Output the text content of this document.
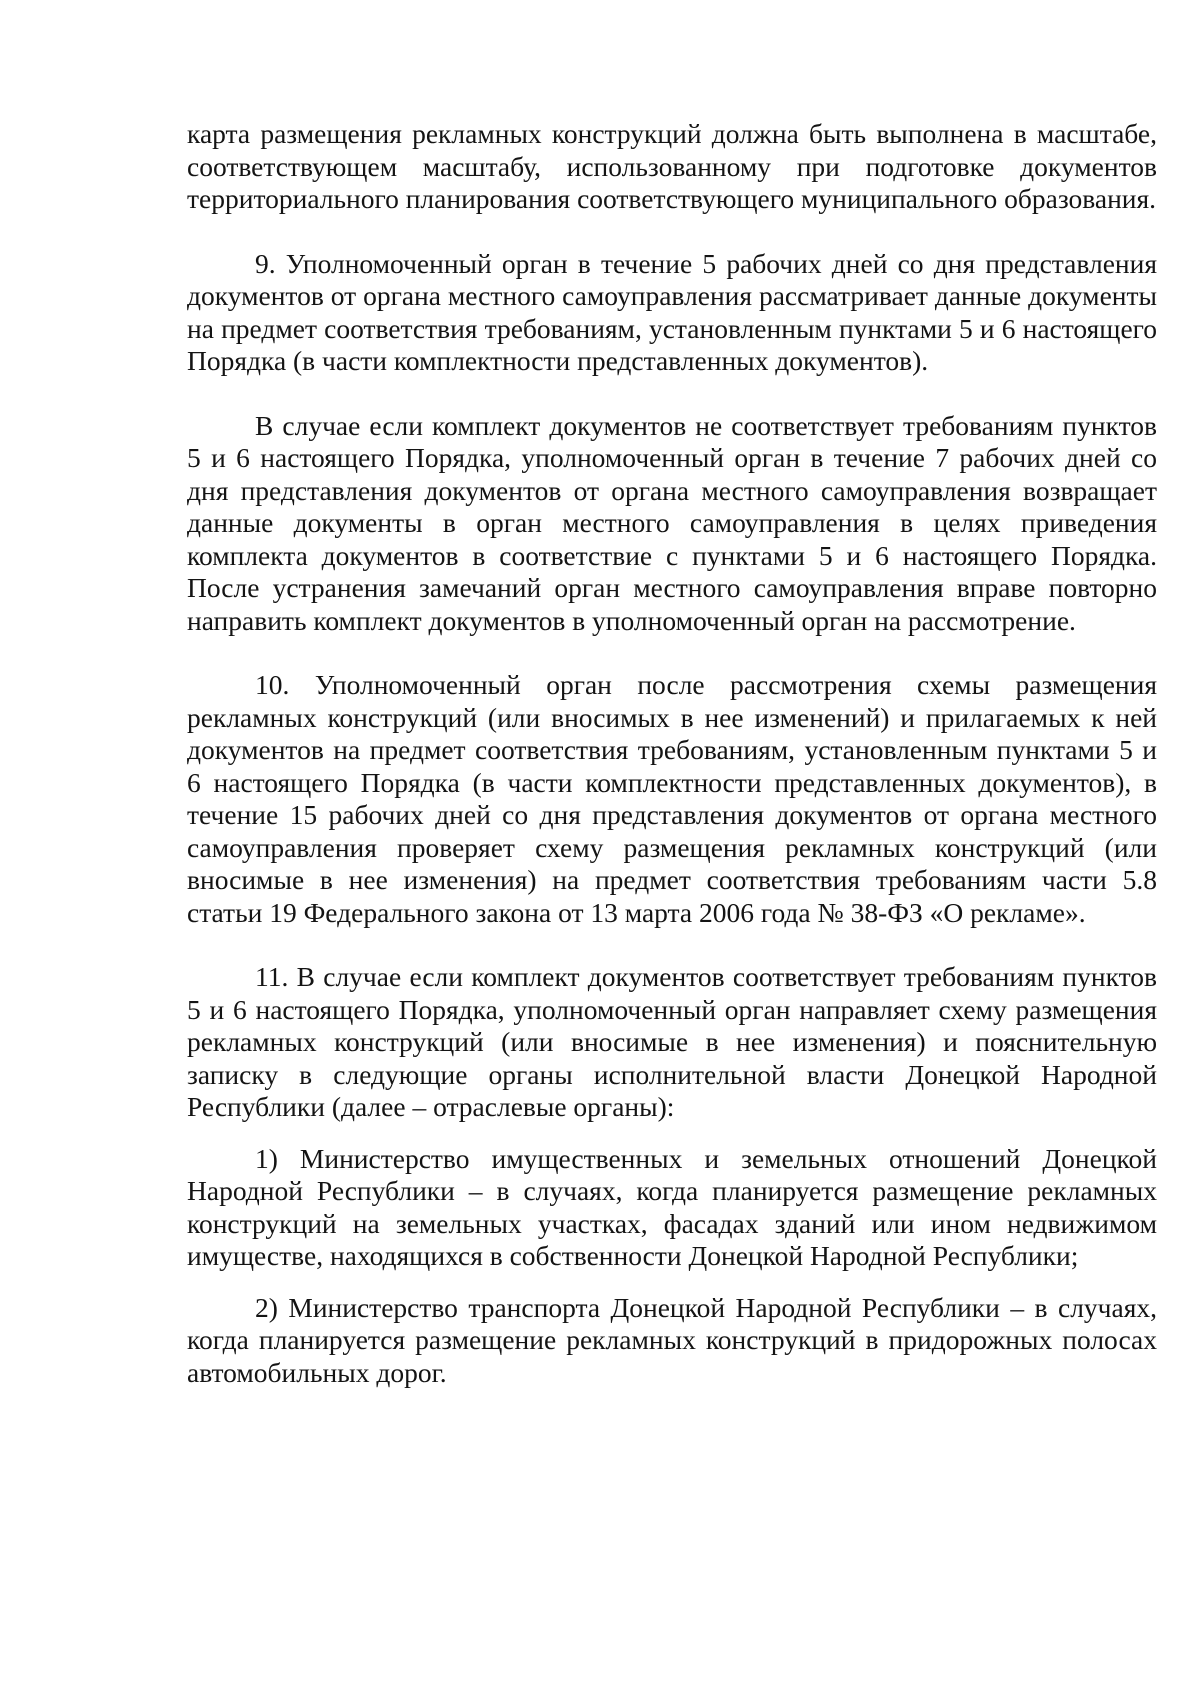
карта размещения рекламных конструкций должна быть выполнена в масштабе, соответствующем масштабу, использованному при подготовке документов территориального планирования соответствующего муниципального образования.

9. Уполномоченный орган в течение 5 рабочих дней со дня представления документов от органа местного самоуправления рассматривает данные документы на предмет соответствия требованиям, установленным пунктами 5 и 6 настоящего Порядка (в части комплектности представленных документов).

В случае если комплект документов не соответствует требованиям пунктов 5 и 6 настоящего Порядка, уполномоченный орган в течение 7 рабочих дней со дня представления документов от органа местного самоуправления возвращает данные документы в орган местного самоуправления в целях приведения комплекта документов в соответствие с пунктами 5 и 6 настоящего Порядка. После устранения замечаний орган местного самоуправления вправе повторно направить комплект документов в уполномоченный орган на рассмотрение.

10. Уполномоченный орган после рассмотрения схемы размещения рекламных конструкций (или вносимых в нее изменений) и прилагаемых к ней документов на предмет соответствия требованиям, установленным пунктами 5 и 6 настоящего Порядка (в части комплектности представленных документов), в течение 15 рабочих дней со дня представления документов от органа местного самоуправления проверяет схему размещения рекламных конструкций (или вносимые в нее изменения) на предмет соответствия требованиям части 5.8 статьи 19 Федерального закона от 13 марта 2006 года № 38-ФЗ «О рекламе».

11. В случае если комплект документов соответствует требованиям пунктов 5 и 6 настоящего Порядка, уполномоченный орган направляет схему размещения рекламных конструкций (или вносимые в нее изменения) и пояснительную записку в следующие органы исполнительной власти Донецкой Народной Республики (далее – отраслевые органы):

1) Министерство имущественных и земельных отношений Донецкой Народной Республики – в случаях, когда планируется размещение рекламных конструкций на земельных участках, фасадах зданий или ином недвижимом имуществе, находящихся в собственности Донецкой Народной Республики;

2) Министерство транспорта Донецкой Народной Республики – в случаях, когда планируется размещение рекламных конструкций в придорожных полосах автомобильных дорог.
